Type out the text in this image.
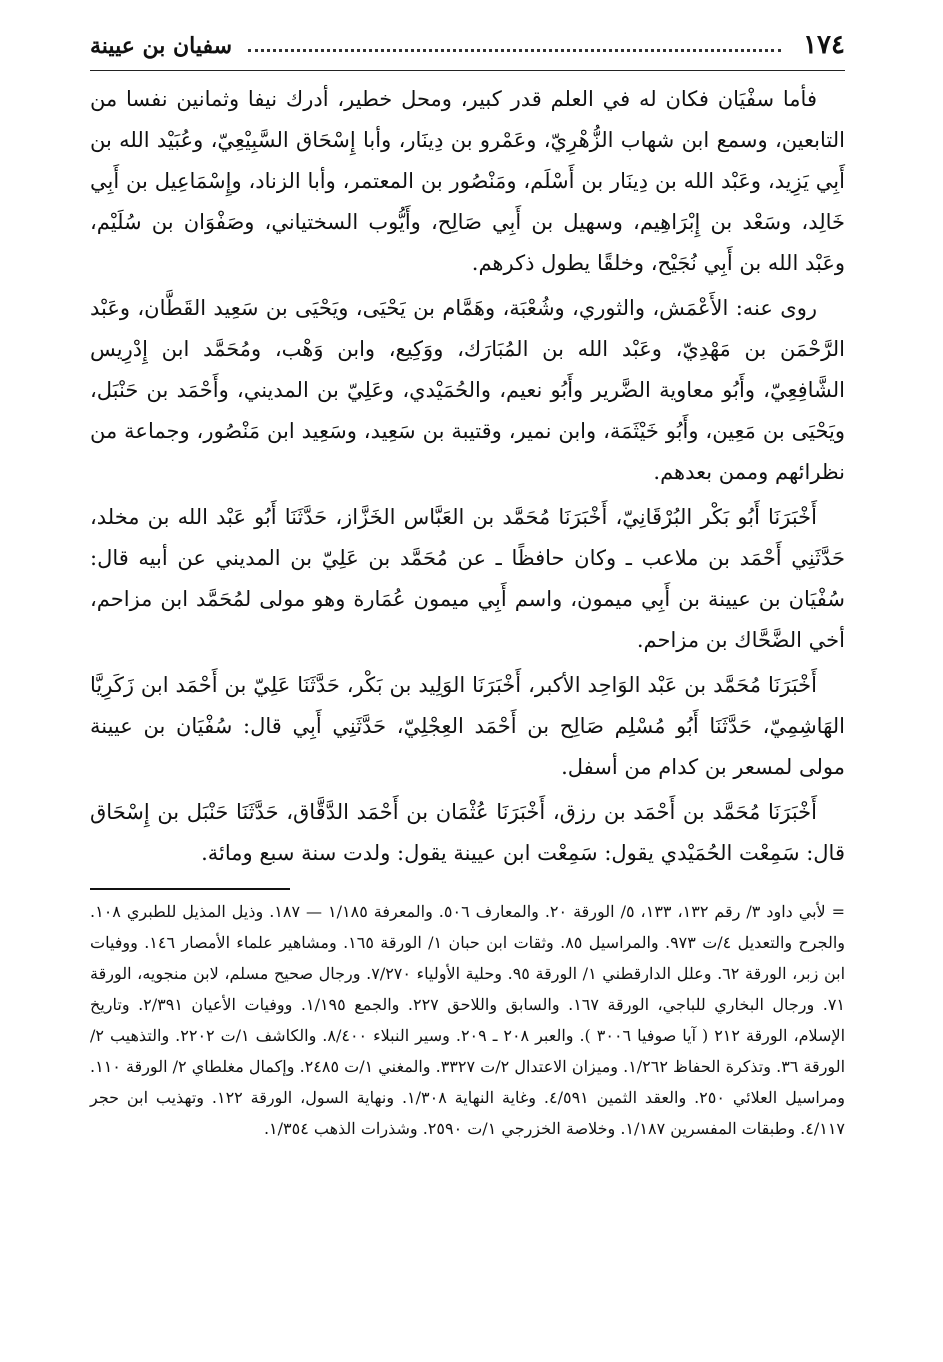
١٧٤
سفيان بن عيينة

فأما سفْيَان فكان له في العلم قدر كبير، ومحل خطير، أدرك نيفا وثمانين نفسا من التابعين، وسمع ابن شهاب الزُّهْرِيّ، وعَمْرو بن دِينَار، وأبا إِسْحَاق السَّبِيْعِيّ، وعُبَيْد الله بن أَبِي يَزِيد، وعَبْد الله بن دِينَار بن أَسْلَم، ومَنْصُور بن المعتمر، وأبا الزناد، وإِسْمَاعِيل بن أَبِي خَالِد، وسَعْد بن إِبْرَاهِيم، وسهيل بن أَبِي صَالِح، وأَيُّوب السختياني، وصَفْوَان بن سُلَيْم، وعَبْد الله بن أَبِي نُجَيْح، وخلقًا يطول ذكرهم.

روى عنه: الأَعْمَش، والثوري، وشُعْبَة، وهَمَّام بن يَحْيَى، ويَحْيَى بن سَعِيد القَطَّان، وعَبْد الرَّحْمَن بن مَهْدِيّ، وعَبْد الله بن المُبَارَك، ووَكِيع، وابن وَهْب، ومُحَمَّد ابن إِدْرِيس الشَّافِعِيّ، وأَبُو معاوية الضَّرير وأَبُو نعيم، والحُمَيْدي، وعَلِيّ بن المديني، وأَحْمَد بن حَنْبَل، ويَحْيَى بن مَعِين، وأَبُو خَيْثَمَة، وابن نمير، وقتيبة بن سَعِيد، وسَعِيد ابن مَنْصُور، وجماعة من نظرائهم وممن بعدهم.

أَخْبَرَنَا أَبُو بَكْر البُرْقَانِيّ، أَخْبَرَنَا مُحَمَّد بن العَبَّاس الخَزَّاز، حَدَّثَنَا أَبُو عَبْد الله بن مخلد، حَدَّثَنِي أَحْمَد بن ملاعب ـ وكان حافظًا ـ عن مُحَمَّد بن عَلِيّ بن المديني عن أبيه قال: سُفْيَان بن عيينة بن أَبِي ميمون، واسم أَبِي ميمون عُمَارة وهو مولى لمُحَمَّد ابن مزاحم، أخي الضَّحَّاك بن مزاحم.

أَخْبَرَنَا مُحَمَّد بن عَبْد الوَاحِد الأكبر، أَخْبَرَنَا الوَلِيد بن بَكْر، حَدَّثَنَا عَلِيّ بن أَحْمَد ابن زَكَرِيَّا الهَاشِمِيّ، حَدَّثَنَا أَبُو مُسْلِم صَالِح بن أَحْمَد العِجْلِيّ، حَدَّثَنِي أَبِي قال: سُفْيَان بن عيينة مولى لمسعر بن كدام من أسفل.

أَخْبَرَنَا مُحَمَّد بن أَحْمَد بن رزق، أَخْبَرَنَا عُثْمَان بن أَحْمَد الدَّقَّاق، حَدَّثَنَا حَنْبَل بن إِسْحَاق قال: سَمِعْت الحُمَيْدي يقول: سَمِعْت ابن عيينة يقول: ولدت سنة سبع ومائة.

= لأبي داود ٣/ رقم ١٣٢، ١٣٣، ٥/ الورقة ٢٠. والمعارف ٥٠٦. والمعرفة ١/١٨٥ — ١٨٧. وذيل المذيل للطبري ١٠٨. والجرح والتعديل ٤/ت ٩٧٣. والمراسيل ٨٥. وثقات ابن حبان ١/ الورقة ١٦٥. ومشاهير علماء الأمصار ١٤٦. ووفيات ابن زبر، الورقة ٦٢. وعلل الدارقطني ١/ الورقة ٩٥. وحلية الأولياء ٧/٢٧٠. ورجال صحيح مسلم، لابن منجويه، الورقة ٧١. ورجال البخاري للباجي، الورقة ١٦٧. والسابق واللاحق ٢٢٧. والجمع ١/١٩٥. ووفيات الأعيان ٢/٣٩١. وتاريخ الإسلام، الورقة ٢١٢ ( آيا صوفيا ٣٠٠٦ ). والعبر ٢٠٨ ـ ٢٠٩. وسير النبلاء ٨/٤٠٠. والكاشف ١/ت ٢٢٠٢. والتذهيب ٢/ الورقة ٣٦. وتذكرة الحفاظ ١/٢٦٢. وميزان الاعتدال ٢/ت ٣٣٢٧. والمغني ١/ت ٢٤٨٥. وإكمال مغلطاي ٢/ الورقة ١١٠. ومراسيل العلائي ٢٥٠. والعقد الثمين ٤/٥٩١. وغاية النهاية ١/٣٠٨. ونهاية السول، الورقة ١٢٢. وتهذيب ابن حجر ٤/١١٧. وطبقات المفسرين ١/١٨٧. وخلاصة الخزرجي ١/ت ٢٥٩٠. وشذرات الذهب ١/٣٥٤.
